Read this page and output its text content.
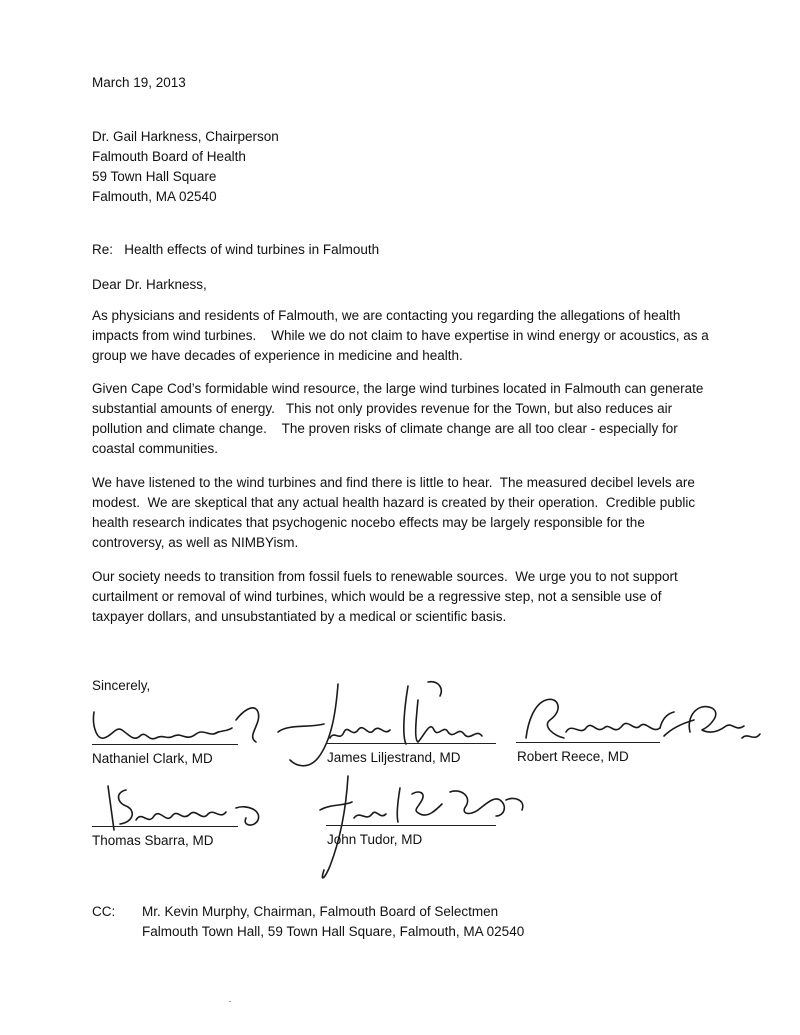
March 19, 2013
Dr. Gail Harkness, Chairperson
Falmouth Board of Health
59 Town Hall Square
Falmouth, MA 02540
Re:   Health effects of wind turbines in Falmouth
Dear Dr. Harkness,

As physicians and residents of Falmouth, we are contacting you regarding the allegations of health

impacts from wind turbines.    While we do not claim to have expertise in wind energy or acoustics, as a

group we have decades of experience in medicine and health.

Given Cape Cod’s formidable wind resource, the large wind turbines located in Falmouth can generate

substantial amounts of energy.   This not only provides revenue for the Town, but also reduces air

pollution and climate change.    The proven risks of climate change are all too clear - especially for

coastal communities.

We have listened to the wind turbines and find there is little to hear.  The measured decibel levels are

modest.  We are skeptical that any actual health hazard is created by their operation.  Credible public

health research indicates that psychogenic nocebo effects may be largely responsible for the

controversy, as well as NIMBYism.

Our society needs to transition from fossil fuels to renewable sources.  We urge you to not support

curtailment or removal of wind turbines, which would be a regressive step, not a sensible use of

taxpayer dollars, and unsubstantiated by a medical or scientific basis.

Sincerely,
Nathaniel Clark, MD	James Liljestrand, MD	Robert Reece, MD
Thomas Sbarra, MD	John Tudor, MD
CC: Mr. Kevin Murphy, Chairman, Falmouth Board of Selectmen
Falmouth Town Hall, 59 Town Hall Square, Falmouth, MA 02540
